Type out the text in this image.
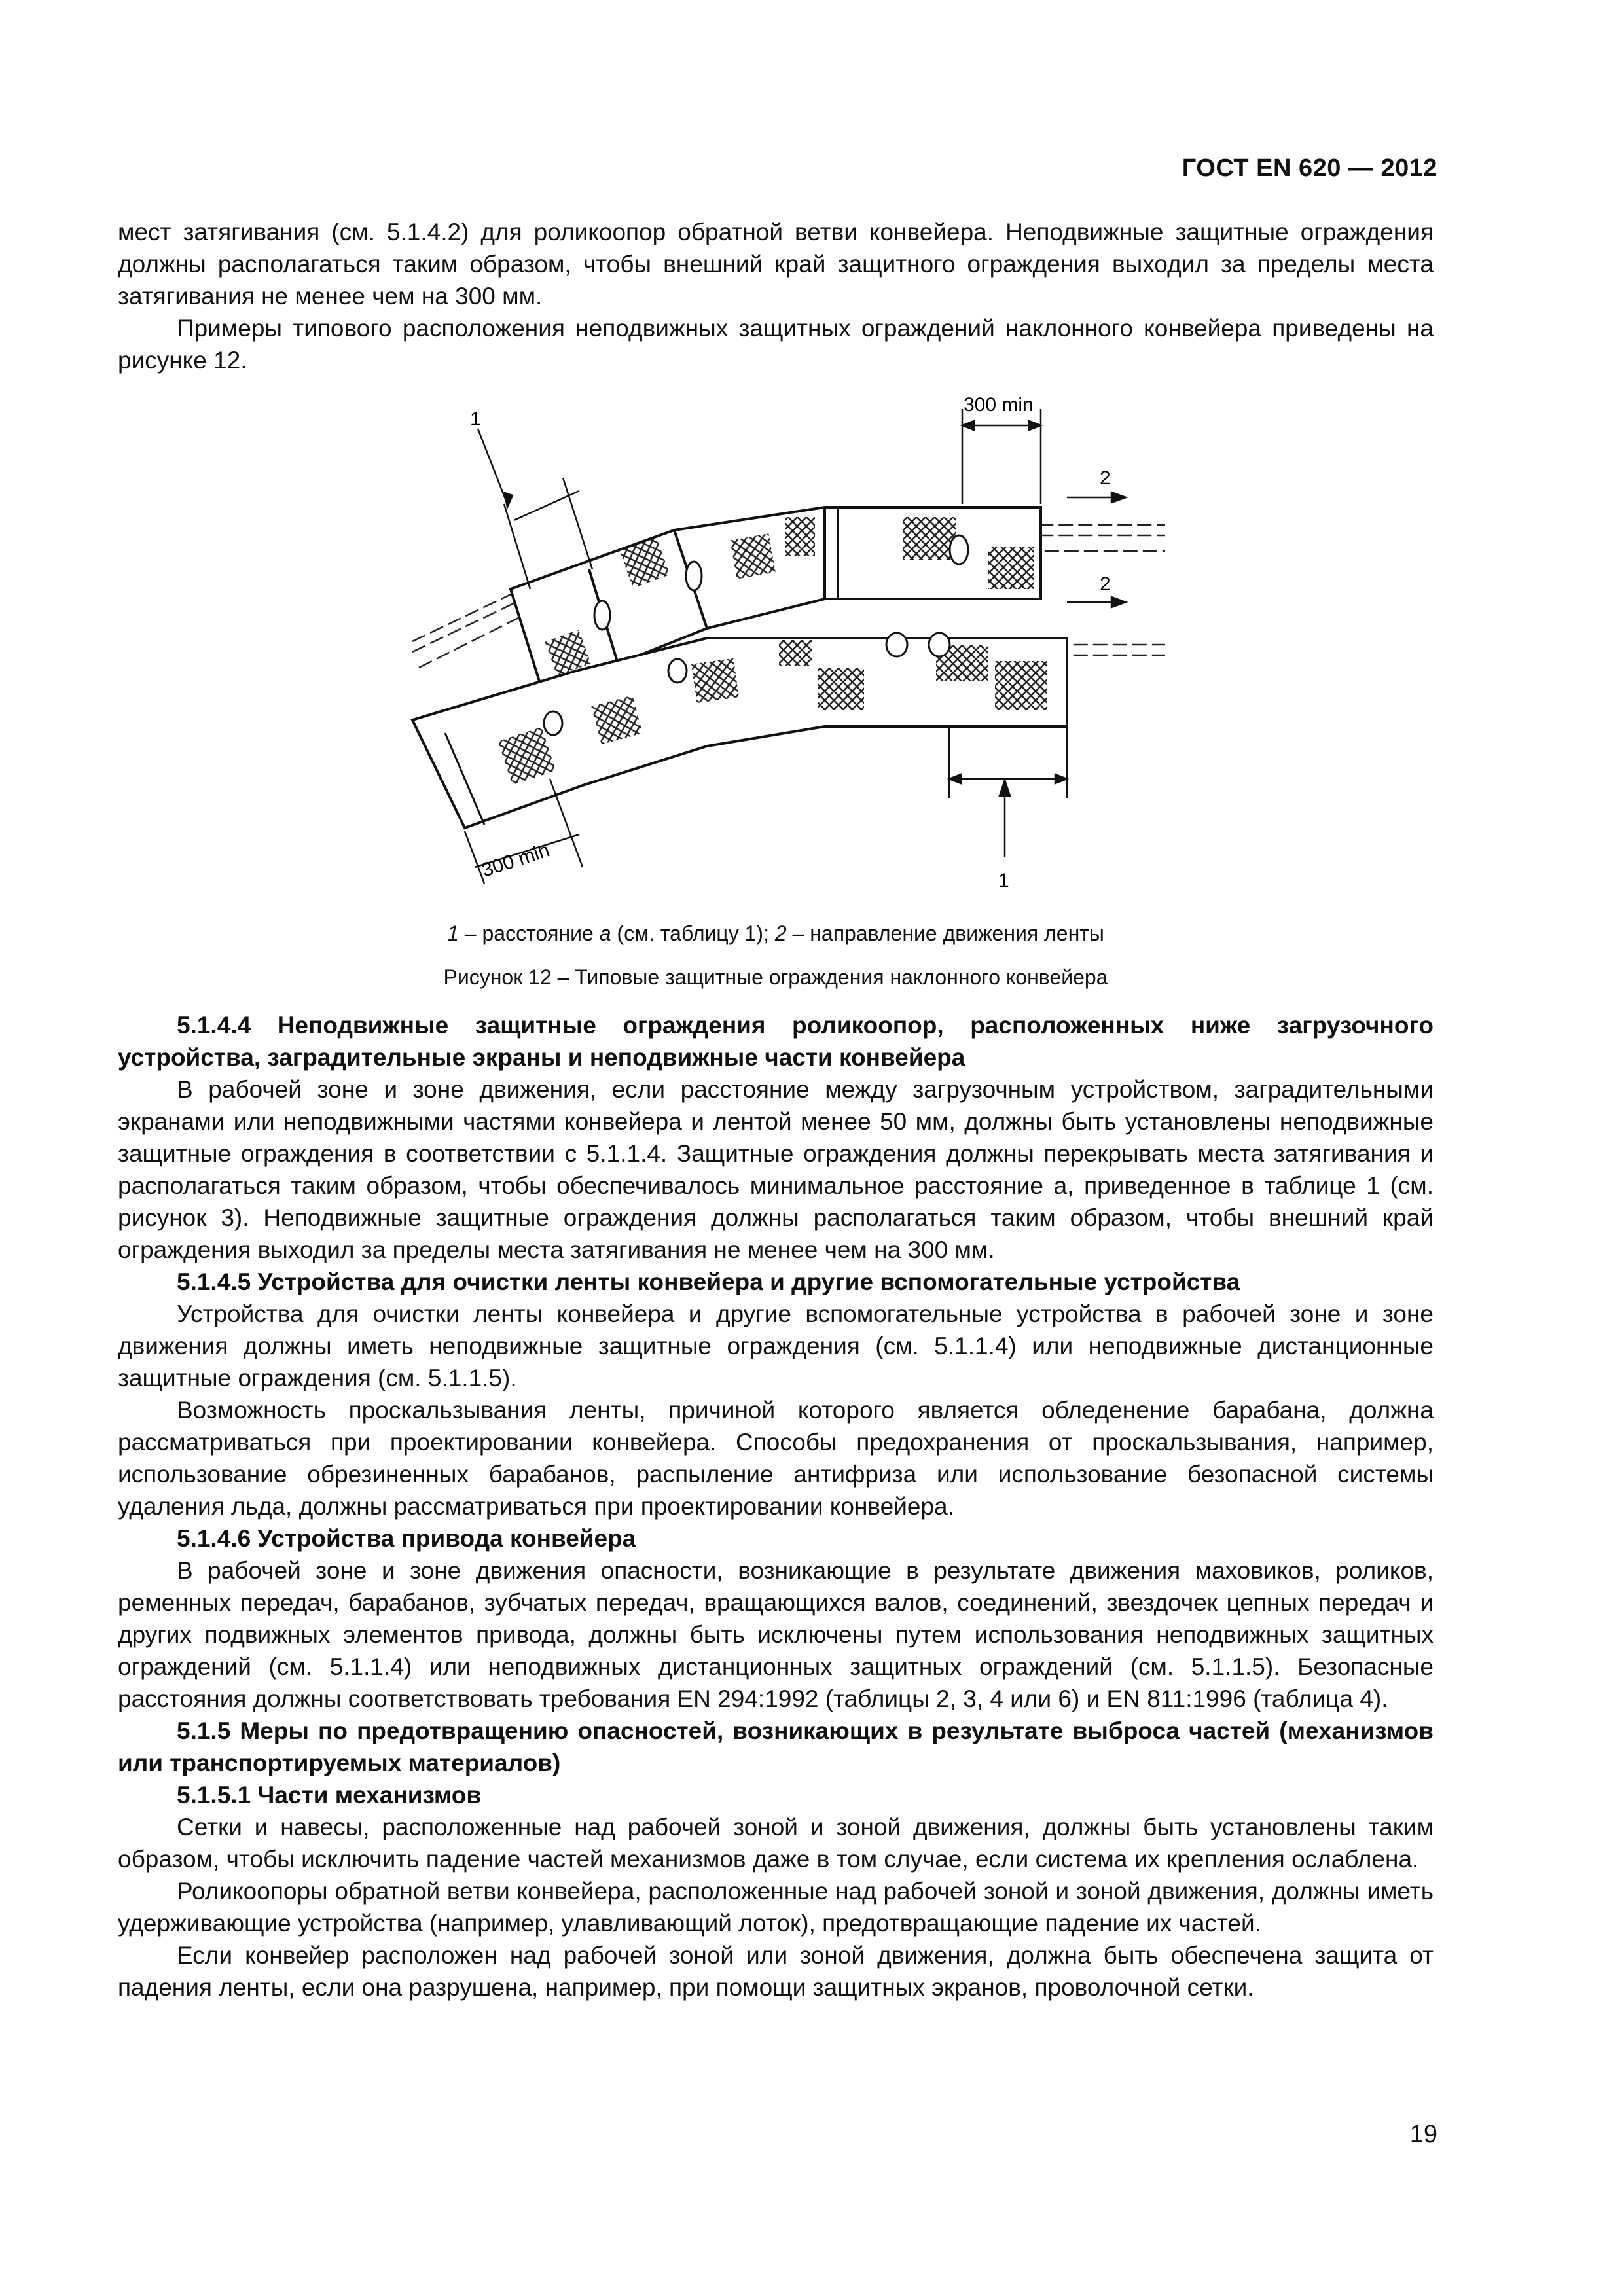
ГОСТ EN 620 — 2012

мест затягивания (см. 5.1.4.2) для роликоопор обратной ветви конвейера. Неподвижные защитные ограждения должны располагаться таким образом, чтобы внешний край защитного ограждения выходил за пределы места затягивания не менее чем на 300 мм.

Примеры типового расположения неподвижных защитных ограждений наклонного конвейера приведены на рисунке 12.

300 min
1
300 min	1
2
2
1 – расстояние a (см. таблицу 1); 2 – направление движения ленты
Рисунок 12 – Типовые защитные ограждения наклонного конвейера

5.1.4.4 Неподвижные защитные ограждения роликоопор, расположенных ниже загрузочного устройства, заградительные экраны и неподвижные части конвейера

В рабочей зоне и зоне движения, если расстояние между загрузочным устройством, заградительными экранами или неподвижными частями конвейера и лентой менее 50 мм, должны быть установлены неподвижные защитные ограждения в соответствии с 5.1.1.4. Защитные ограждения должны перекрывать места затягивания и располагаться таким образом, чтобы обеспечивалось минимальное расстояние a, приведенное в таблице 1 (см. рисунок 3). Неподвижные защитные ограждения должны располагаться таким образом, чтобы внешний край ограждения выходил за пределы места затягивания не менее чем на 300 мм.

5.1.4.5 Устройства для очистки ленты конвейера и другие вспомогательные устройства

Устройства для очистки ленты конвейера и другие вспомогательные устройства в рабочей зоне и зоне движения должны иметь неподвижные защитные ограждения (см. 5.1.1.4) или неподвижные дистанционные защитные ограждения (см. 5.1.1.5).

Возможность проскальзывания ленты, причиной которого является обледенение барабана, должна рассматриваться при проектировании конвейера. Способы предохранения от проскальзывания, например, использование обрезиненных барабанов, распыление антифриза или использование безопасной системы удаления льда, должны рассматриваться при проектировании конвейера.

5.1.4.6 Устройства привода конвейера

В рабочей зоне и зоне движения опасности, возникающие в результате движения маховиков, роликов, ременных передач, барабанов, зубчатых передач, вращающихся валов, соединений, звездочек цепных передач и других подвижных элементов привода, должны быть исключены путем использования неподвижных защитных ограждений (см. 5.1.1.4) или неподвижных дистанционных защитных ограждений (см. 5.1.1.5). Безопасные расстояния должны соответствовать требования EN 294:1992 (таблицы 2, 3, 4 или 6) и EN 811:1996 (таблица 4).

5.1.5 Меры по предотвращению опасностей, возникающих в результате выброса частей (механизмов или транспортируемых материалов)

5.1.5.1 Части механизмов

Сетки и навесы, расположенные над рабочей зоной и зоной движения, должны быть установлены таким образом, чтобы исключить падение частей механизмов даже в том случае, если система их крепления ослаблена.

Роликоопоры обратной ветви конвейера, расположенные над рабочей зоной и зоной движения, должны иметь удерживающие устройства (например, улавливающий лоток), предотвращающие падение их частей.

Если конвейер расположен над рабочей зоной или зоной движения, должна быть обеспечена защита от падения ленты, если она разрушена, например, при помощи защитных экранов, проволочной сетки.

19
